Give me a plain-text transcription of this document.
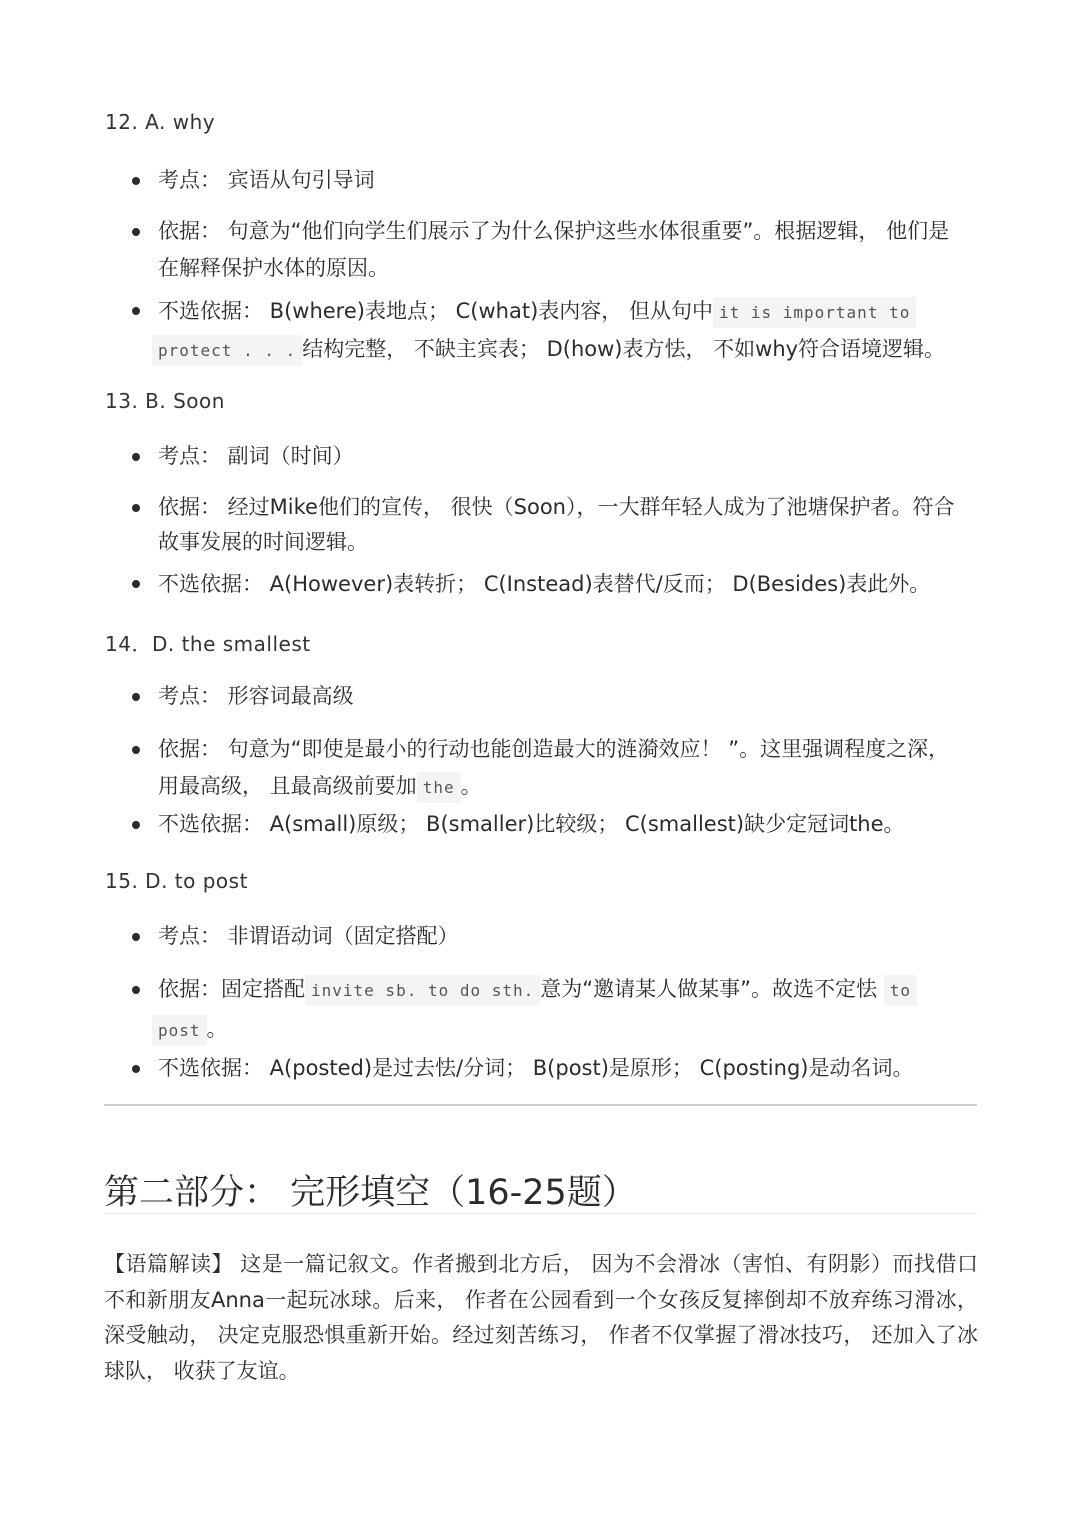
12. A. why
考点： 宾语从句引导词
依据： 句意为“他们向学生们展示了为什么保护这些水体很重要”。根据逻辑， 他们是
在解释保护水体的原因。
不选依据： B(where)表地点； C(what)表内容， 但从句中 it is important to
protect . . . 结构完整， 不缺主宾表； D(how)表方怯， 不如why符合语境逻辑。
13. B. Soon
考点： 副词（时间）
依据： 经过Mike他们的宣传， 很快（Soon），一大群年轻人成为了池塘保护者。符合
故事发展的时间逻辑。
不选依据： A(However)表转折； C(Instead)表替代/反而； D(Besides)表此外。
14．D. the smallest
考点： 形容词最高级
依据： 句意为“即使是最小的行动也能创造最大的涟漪效应！ ”。这里强调程度之深，
用最高级， 且最高级前要加 the 。
不选依据： A(small)原级； B(smaller)比较级； C(smallest)缺少定冠词the。
15. D. to post
考点： 非谓语动词（固定搭配）
依据：固定搭配 invite sb. to do sth. 意为“邀请某人做某事”。故选不定怯 to
post 。
不选依据： A(posted)是过去怯/分词； B(post)是原形； C(posting)是动名词。
第二部分： 完形填空（16-25题）
【语篇解读】 这是一篇记叙文。作者搬到北方后， 因为不会滑冰（害怕、有阴影）而找借口不和新朋友Anna一起玩冰球。后来， 作者在公园看到一个女孩反复摔倒却不放弃练习滑冰， 深受触动， 决定克服恐惧重新开始。经过刻苦练习， 作者不仅掌握了滑冰技巧， 还加入了冰球队， 收获了友谊。
